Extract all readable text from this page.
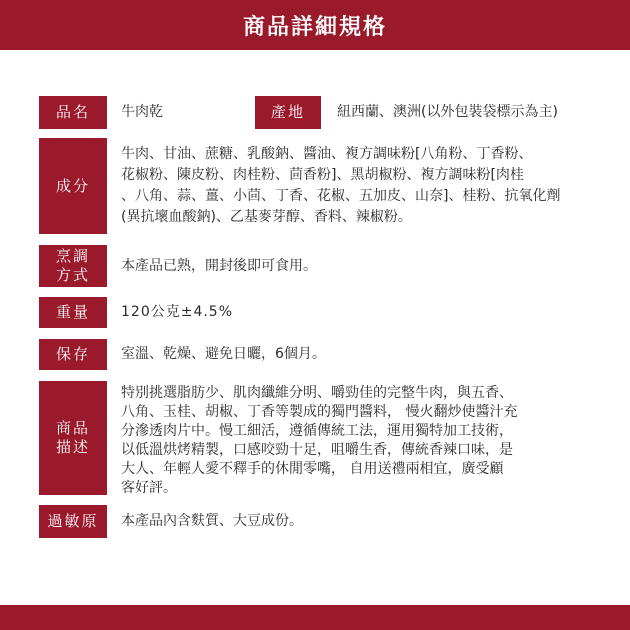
商品詳細規格
品名 牛肉乾	產地 紐西蘭、澳洲(以外包裝袋標示為主)
成分
牛肉、甘油、蔗糖、乳酸鈉、醬油、複方調味粉[八角粉、丁香粉、
花椒粉、陳皮粉、肉桂粉、茴香粉]、黑胡椒粉、複方調味粉[肉桂
、八角、蒜、薑、小茴、丁香、花椒、五加皮、山奈]、桂粉、抗氧化劑
(異抗壞血酸鈉)、乙基麥芽醇、香料、辣椒粉。
烹調
方式
本產品已熟，開封後即可食用。
重量 120公克±4.5%
保存 室溫、乾燥、避免日曬，6個月。
商品
描述
特別挑選脂肪少、肌肉纖維分明、嚼勁佳的完整牛肉，與五香、
八角、玉桂、胡椒、丁香等製成的獨門醬料， 慢火翻炒使醬汁充
分滲透肉片中。慢工細活，遵循傳統工法，運用獨特加工技術，
以低溫烘烤精製，口感咬勁十足，咀嚼生香，傳統香辣口味，是
大人、年輕人愛不釋手的休閒零嘴， 自用送禮兩相宜，廣受顧
客好評。
過敏原 本產品內含麩質、大豆成份。
